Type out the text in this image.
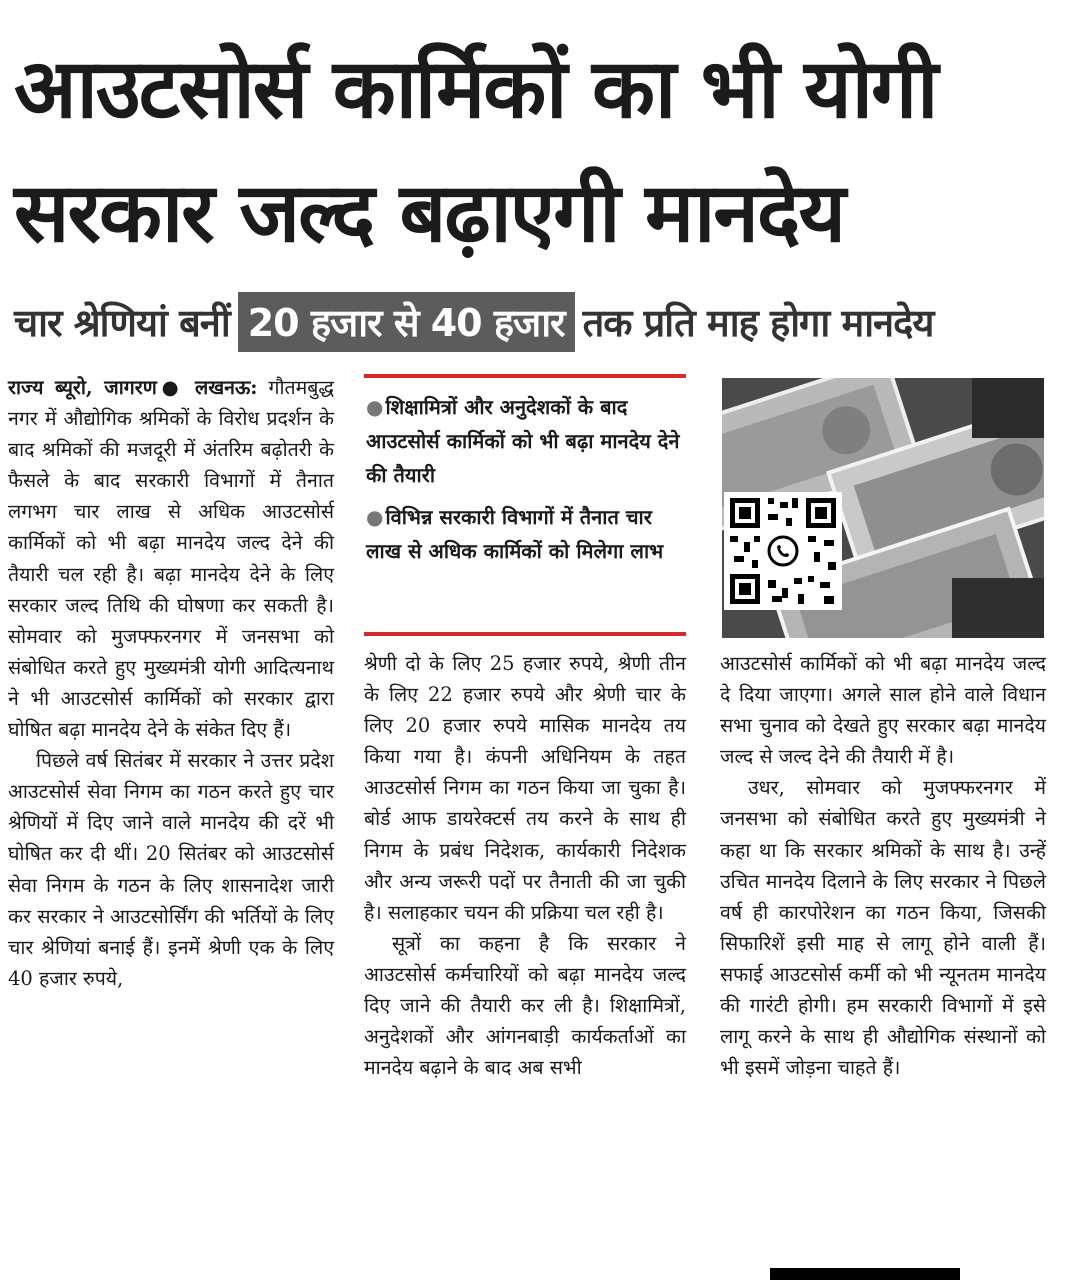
आउटसोर्स कार्मिकों का भी योगी
सरकार जल्द बढ़ाएगी मानदेय
चार श्रेणियां बनीं 20 हजार से 40 हजार तक प्रति माह होगा मानदेय

राज्य ब्यूरो, जागरण● लखनऊ: गौतमबुद्ध नगर में औद्योगिक श्रमिकों के विरोध प्रदर्शन के बाद श्रमिकों की मजदूरी में अंतरिम बढ़ोतरी के फैसले के बाद सरकारी विभागों में तैनात लगभग चार लाख से अधिक आउटसोर्स कार्मिकों को भी बढ़ा मानदेय जल्द देने की तैयारी चल रही है। बढ़ा मानदेय देने के लिए सरकार जल्द तिथि की घोषणा कर सकती है। सोमवार को मुजफ्फरनगर में जनसभा को संबोधित करते हुए मुख्यमंत्री योगी आदित्यनाथ ने भी आउटसोर्स कार्मिकों को सरकार द्वारा घोषित बढ़ा मानदेय देने के संकेत दिए हैं।

पिछले वर्ष सितंबर में सरकार ने उत्तर प्रदेश आउटसोर्स सेवा निगम का गठन करते हुए चार श्रेणियों में दिए जाने वाले मानदेय की दरें भी घोषित कर दी थीं। 20 सितंबर को आउटसोर्स सेवा निगम के गठन के लिए शासनादेश जारी कर सरकार ने आउटसोर्सिंग की भर्तियों के लिए चार श्रेणियां बनाई हैं। इनमें श्रेणी एक के लिए 40 हजार रुपये,

● शिक्षामित्रों और अनुदेशकों के बाद आउटसोर्स कार्मिकों को भी बढ़ा मानदेय देने की तैयारी
● विभिन्न सरकारी विभागों में तैनात चार लाख से अधिक कार्मिकों को मिलेगा लाभ

श्रेणी दो के लिए 25 हजार रुपये, श्रेणी तीन के लिए 22 हजार रुपये और श्रेणी चार के लिए 20 हजार रुपये मासिक मानदेय तय किया गया है। कंपनी अधिनियम के तहत आउटसोर्स निगम का गठन किया जा चुका है। बोर्ड आफ डायरेक्टर्स तय करने के साथ ही निगम के प्रबंध निदेशक, कार्यकारी निदेशक और अन्य जरूरी पदों पर तैनाती की जा चुकी है। सलाहकार चयन की प्रक्रिया चल रही है।

सूत्रों का कहना है कि सरकार ने आउटसोर्स कर्मचारियों को बढ़ा मानदेय जल्द दिए जाने की तैयारी कर ली है। शिक्षामित्रों, अनुदेशकों और आंगनबाड़ी कार्यकर्ताओं का मानदेय बढ़ाने के बाद अब सभी

आउटसोर्स कार्मिकों को भी बढ़ा मानदेय जल्द दे दिया जाएगा। अगले साल होने वाले विधान सभा चुनाव को देखते हुए सरकार बढ़ा मानदेय जल्द से जल्द देने की तैयारी में है।

उधर, सोमवार को मुजफ्फरनगर में जनसभा को संबोधित करते हुए मुख्यमंत्री ने कहा था कि सरकार श्रमिकों के साथ है। उन्हें उचित मानदेय दिलाने के लिए सरकार ने पिछले वर्ष ही कारपोरेशन का गठन किया, जिसकी सिफारिशें इसी माह से लागू होने वाली हैं। सफाई आउटसोर्स कर्मी को भी न्यूनतम मानदेय की गारंटी होगी। हम सरकारी विभागों में इसे लागू करने के साथ ही औद्योगिक संस्थानों को भी इसमें जोड़ना चाहते हैं।
